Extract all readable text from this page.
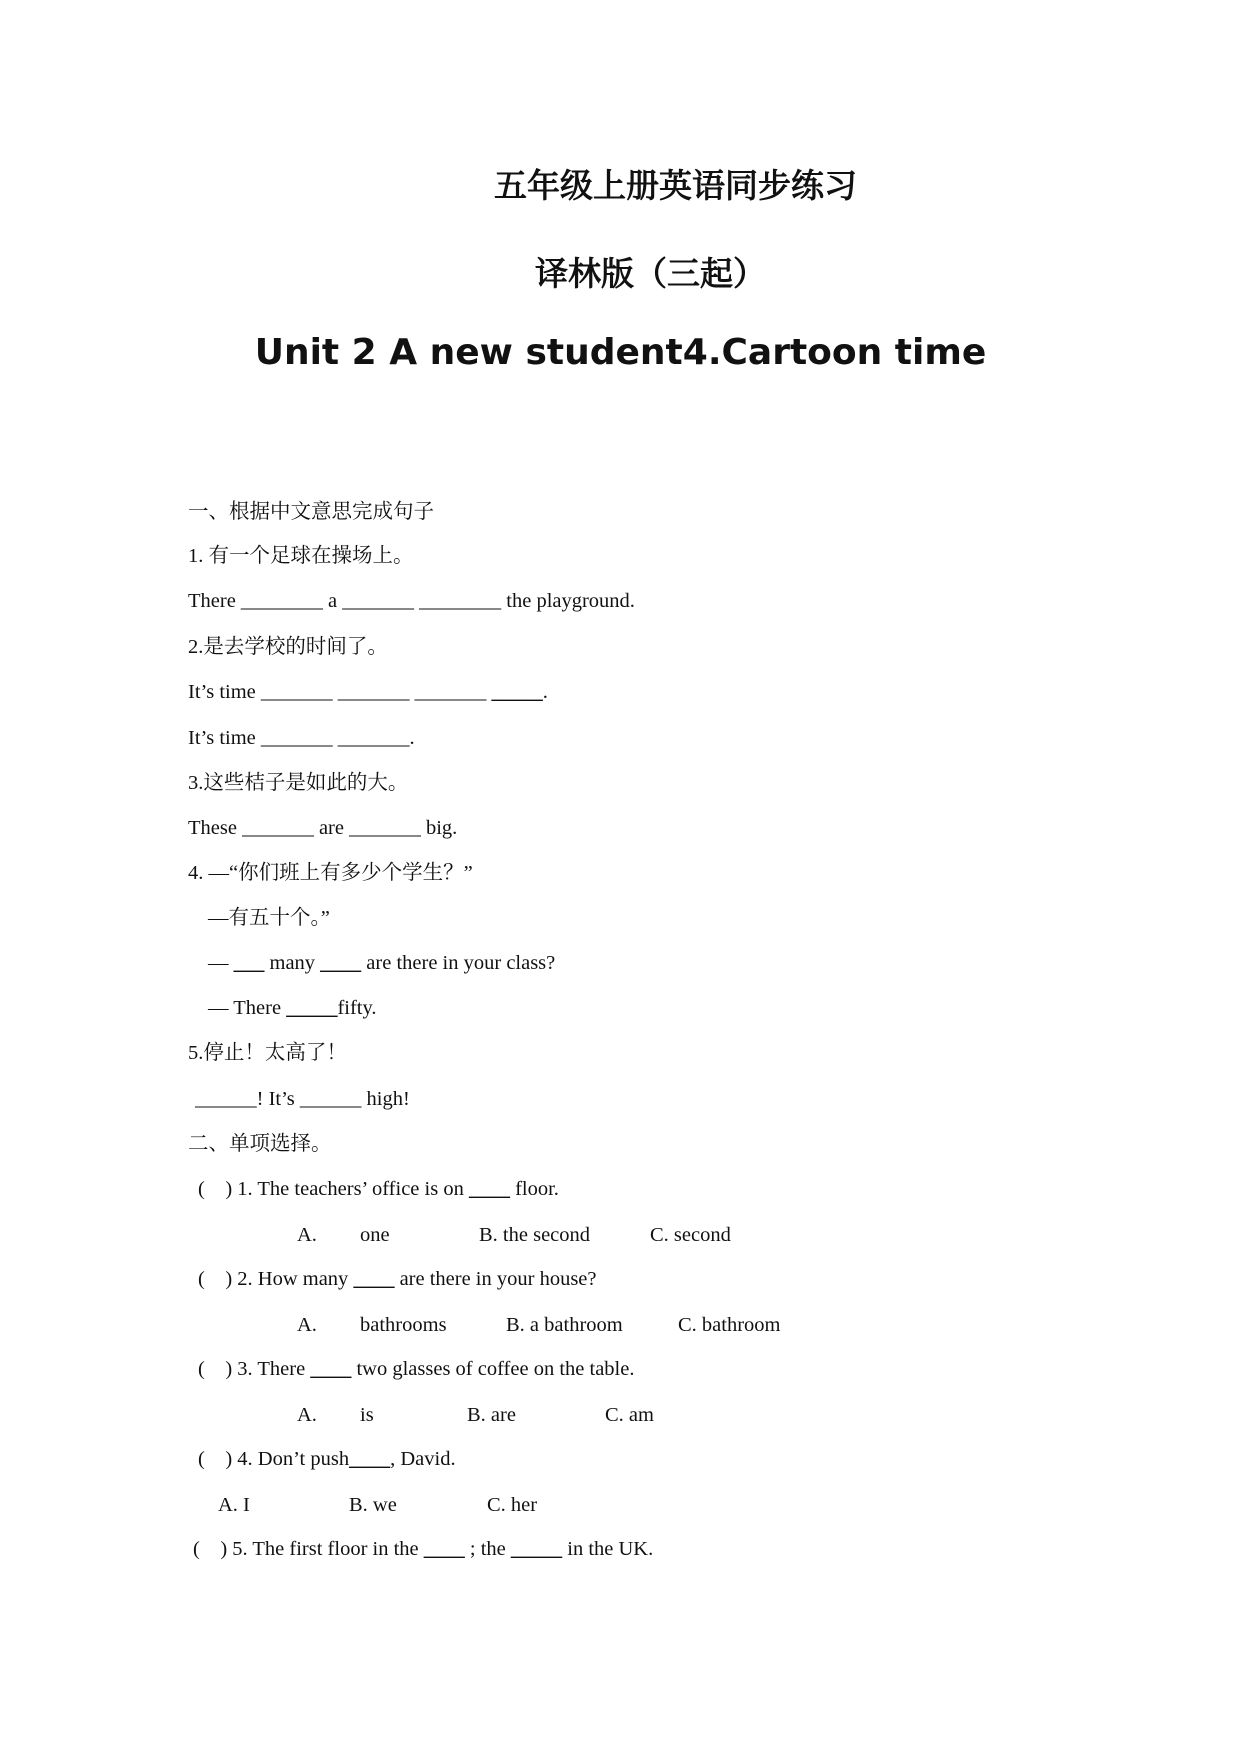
五年级上册英语同步练习
译林版（三起）
Unit 2 A new student4.Cartoon time
一、根据中文意思完成句子
1. 有一个足球在操场上。
There ________ a _______ ________ the playground.
2.是去学校的时间了。
It’s time _______ _______ _______ _____.
It’s time _______ _______.
3.这些桔子是如此的大。
These _______ are _______ big.
4. —“你们班上有多少个学生？”
—有五十个。”
— ___ many ____ are there in your class?
— There _____fifty.
5.停止！太高了！
______! It’s ______ high!
二、单项选择。
(    ) 1. The teachers’ office is on ____ floor.
A. one	B. the second	C. second
(    ) 2. How many ____ are there in your house?
A. bathrooms	B. a bathroom	C. bathroom
(    ) 3. There ____ two glasses of coffee on the table.
A. is	B. are	C. am
(    ) 4. Don’t push____, David.
A. I	B. we	C. her
(    ) 5. The first floor in the ____ ; the _____ in the UK.
